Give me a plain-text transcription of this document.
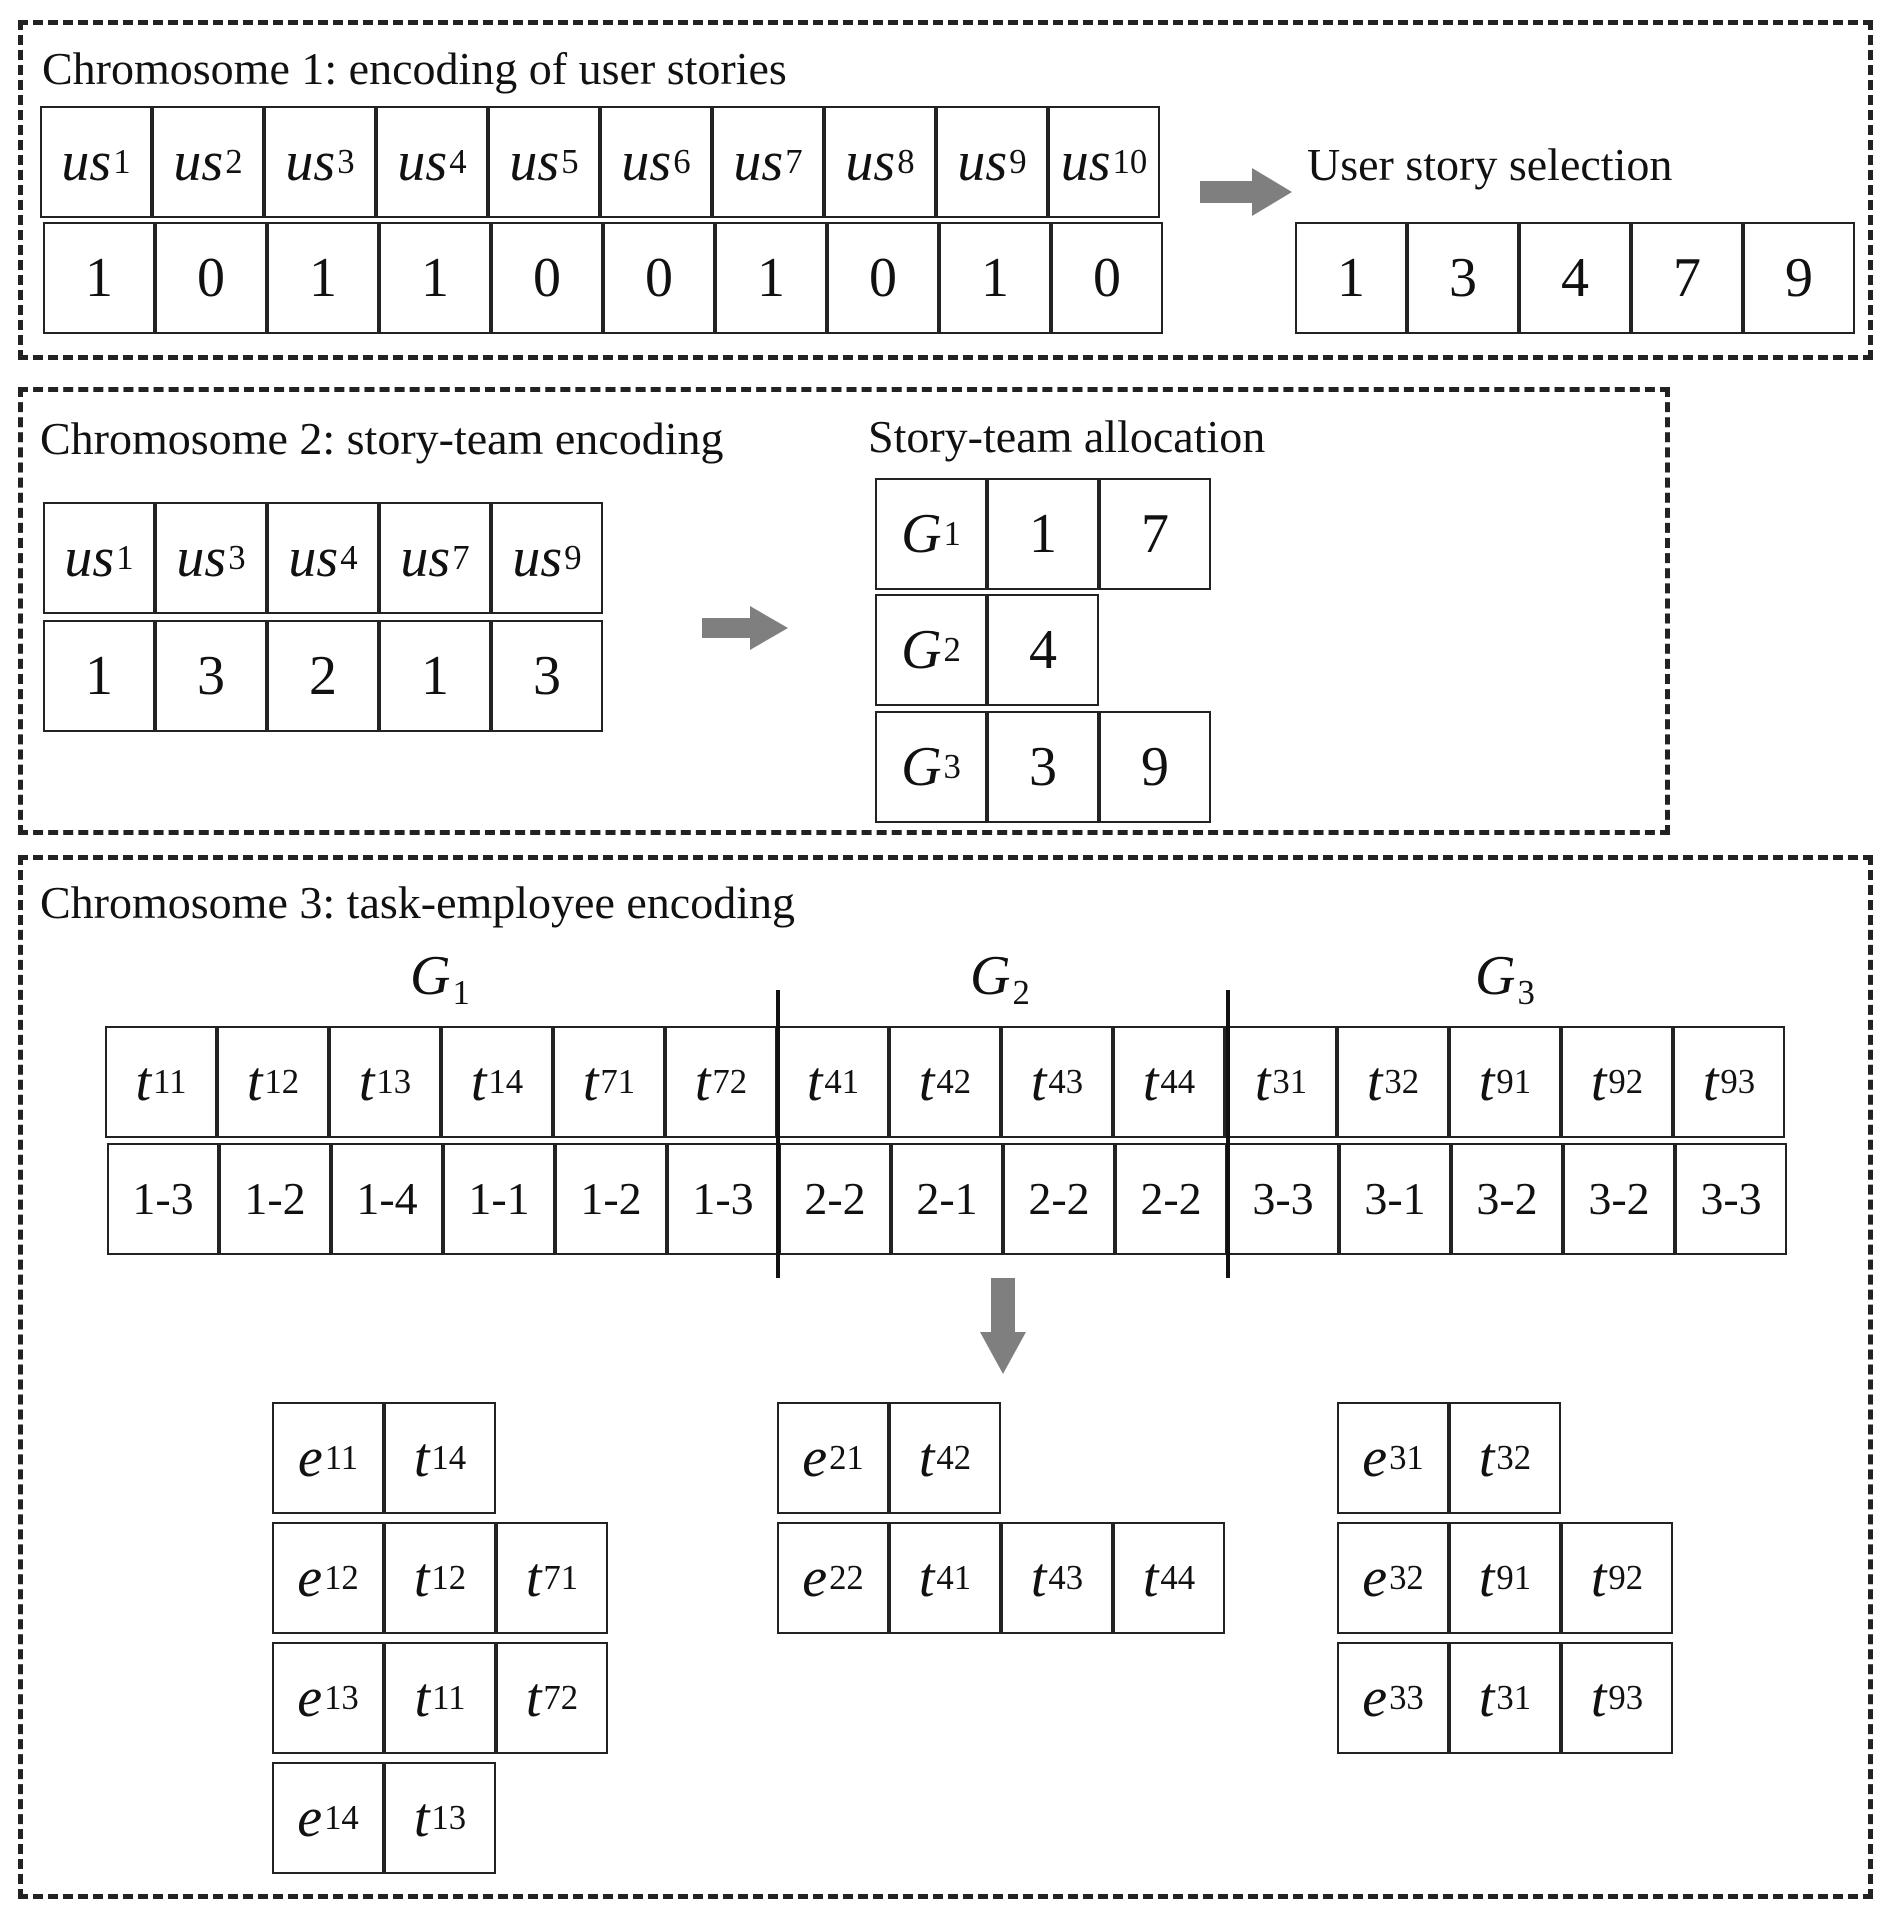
Chromosome 1: encoding of user stories
us 1 us 2 us 3 us 4 us 5 us 6 us 7 us 8 us 9 us 10
1	0	1	1	0	0	1	0	1	0
User story selection
1	3	4	7	9
Chromosome 2: story-team encoding	Story-team allocation
us 1 us 3 us 4 us 7 us 9
1	3	2	1	3
G 1	1	7
G 2	4
G 3	3	9
Chromosome 3: task-employee encoding
$G_1$	$G_2$	$G_3$
t 11 t 12 t 13 t 14 t 71 t 72 t 41 t 42 t 43 t 44 t 31 t 32 t 91 t 92 t 93
1-3	1-2	1-4	1-1	1-2	1-3	2-2	2-1	2-2	2-2	3-3	3-1	3-2	3-2	3-3
e 11 t 14
e 12 t 12 t 71
e 13 t 11 t 72
e 14 t 13
e 21 t 42
e 22 t 41 t 43 t 44
e 31 t 32
e 32 t 91 t 92
e 33 t 31 t 93
